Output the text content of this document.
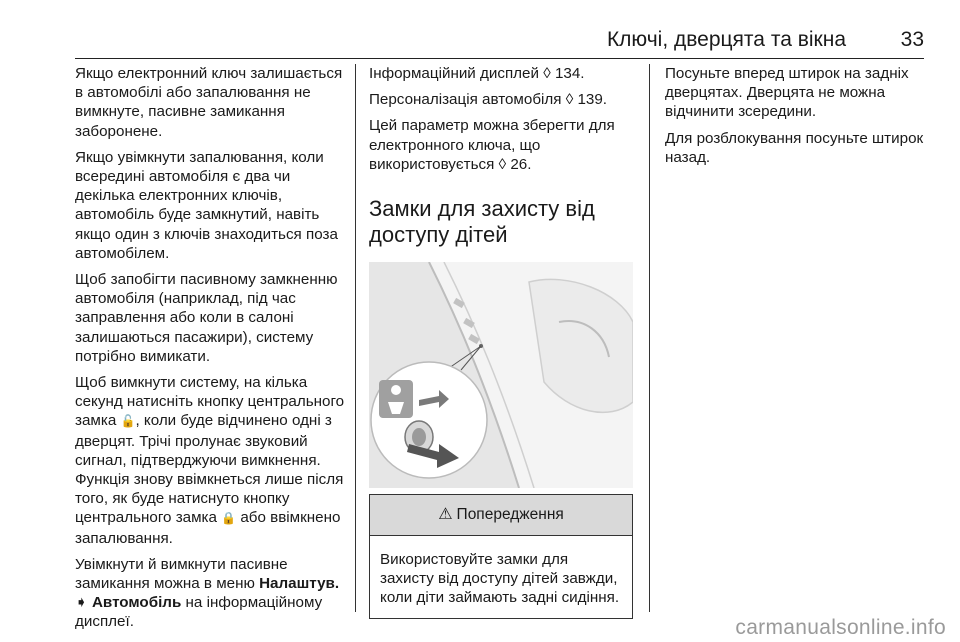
Ключі, дверцята та вікна	33

Якщо електронний ключ залишається в автомобілі або запалювання не вимкнуте, пасивне замикання заборонене.

Якщо увімкнути запалювання, коли всередині автомобіля є два чи декілька електронних ключів, автомобіль буде замкнутий, навіть якщо один з ключів знаходиться поза автомобілем.

Щоб запобігти пасивному замкненню автомобіля (наприклад, під час заправлення або коли в салоні залишаються пасажири), систему потрібно вимикати.

Щоб вимкнути систему, на кілька секунд натисніть кнопку центрального замка 🔓, коли буде відчинено одні з дверцят. Трічі пролунає звуковий сигнал, підтверджуючи вимкнення. Функція знову ввімкнеться лише після того, як буде натиснуто кнопку центрального замка 🔒 або ввімкнено запалювання.

Увімкнути й вимкнути пасивне замикання можна в меню Налаштув. ➧ Автомобіль на інформаційному дисплеї.

Інформаційний дисплей ◊ 134.

Персоналізація автомобіля ◊ 139.

Цей параметр можна зберегти для електронного ключа, що використовується ◊ 26.

Замки для захисту від доступу дітей
⚠ Попередження
Використовуйте замки для захисту від доступу дітей завжди, коли діти займають задні сидіння.

Посуньте вперед штирок на задніх дверцятах. Дверцята не можна відчинити зсередини.

Для розблокування посуньте штирок назад.

carmanualsonline.info
